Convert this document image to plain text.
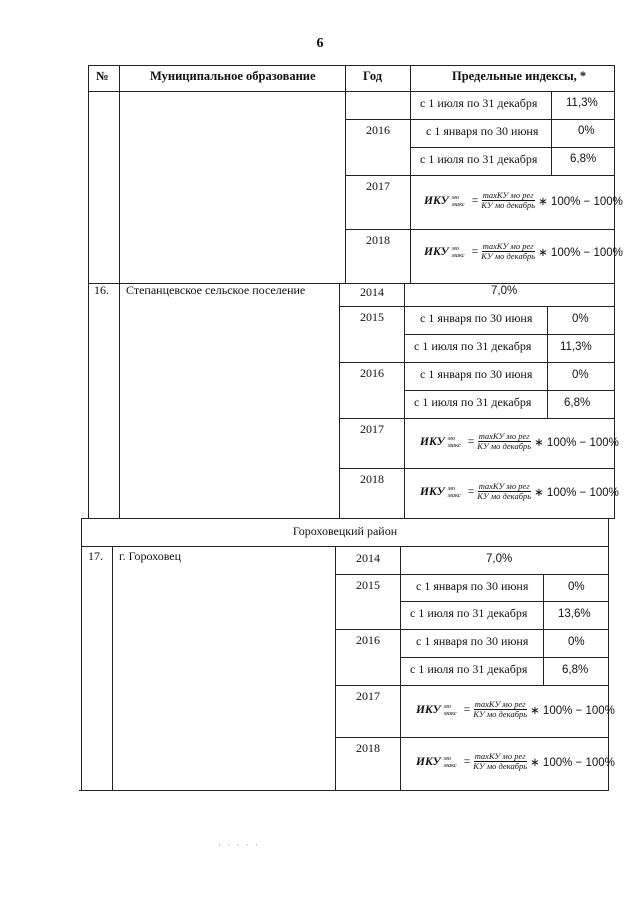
6
№	Муниципальное образование	Год	Предельные индексы, *
с 1 июля по 31 декабря 11,3%
2016	с 1 января по 30 июня	0%
с 1 июля по 31 декабря	6,8%
2017
ИКУ мо
макс = $\frac{\text{maxKУ мо рег}}{\text{KУ мо декабрь}}$ ∗ 100% − 100%
2018
ИКУ мо
макс = $\frac{\text{maxKУ мо рег}}{\text{KУ мо декабрь}}$ ∗ 100% − 100%
16. Степанцевское сельское поселение	2014	7,0%
2015	с 1 января по 30 июня	0%
с 1 июля по 31 декабря 11,3%
2016	с 1 января по 30 июня	0%
с 1 июля по 31 декабря	6,8%
2017
ИКУ мо
макс = $\frac{\text{maxKУ мо рег}}{\text{KУ мо декабрь}}$ ∗ 100% − 100%
2018
ИКУ мо
макс = $\frac{\text{maxKУ мо рег}}{\text{KУ мо декабрь}}$ ∗ 100% − 100%
Гороховецкий район
17. г. Гороховец	2014	7,0%
2015	с 1 января по 30 июня	0%
с 1 июля по 31 декабря	13,6%
2016	с 1 января по 30 июня	0%
с 1 июля по 31 декабря	6,8%
2017
ИКУ мо
макс = $\frac{\text{maxKУ мо рег}}{\text{KУ мо декабрь}}$ ∗ 100% − 100%
2018
ИКУ мо
макс = $\frac{\text{maxKУ мо рег}}{\text{KУ мо декабрь}}$ ∗ 100% − 100%
· · · · ·
